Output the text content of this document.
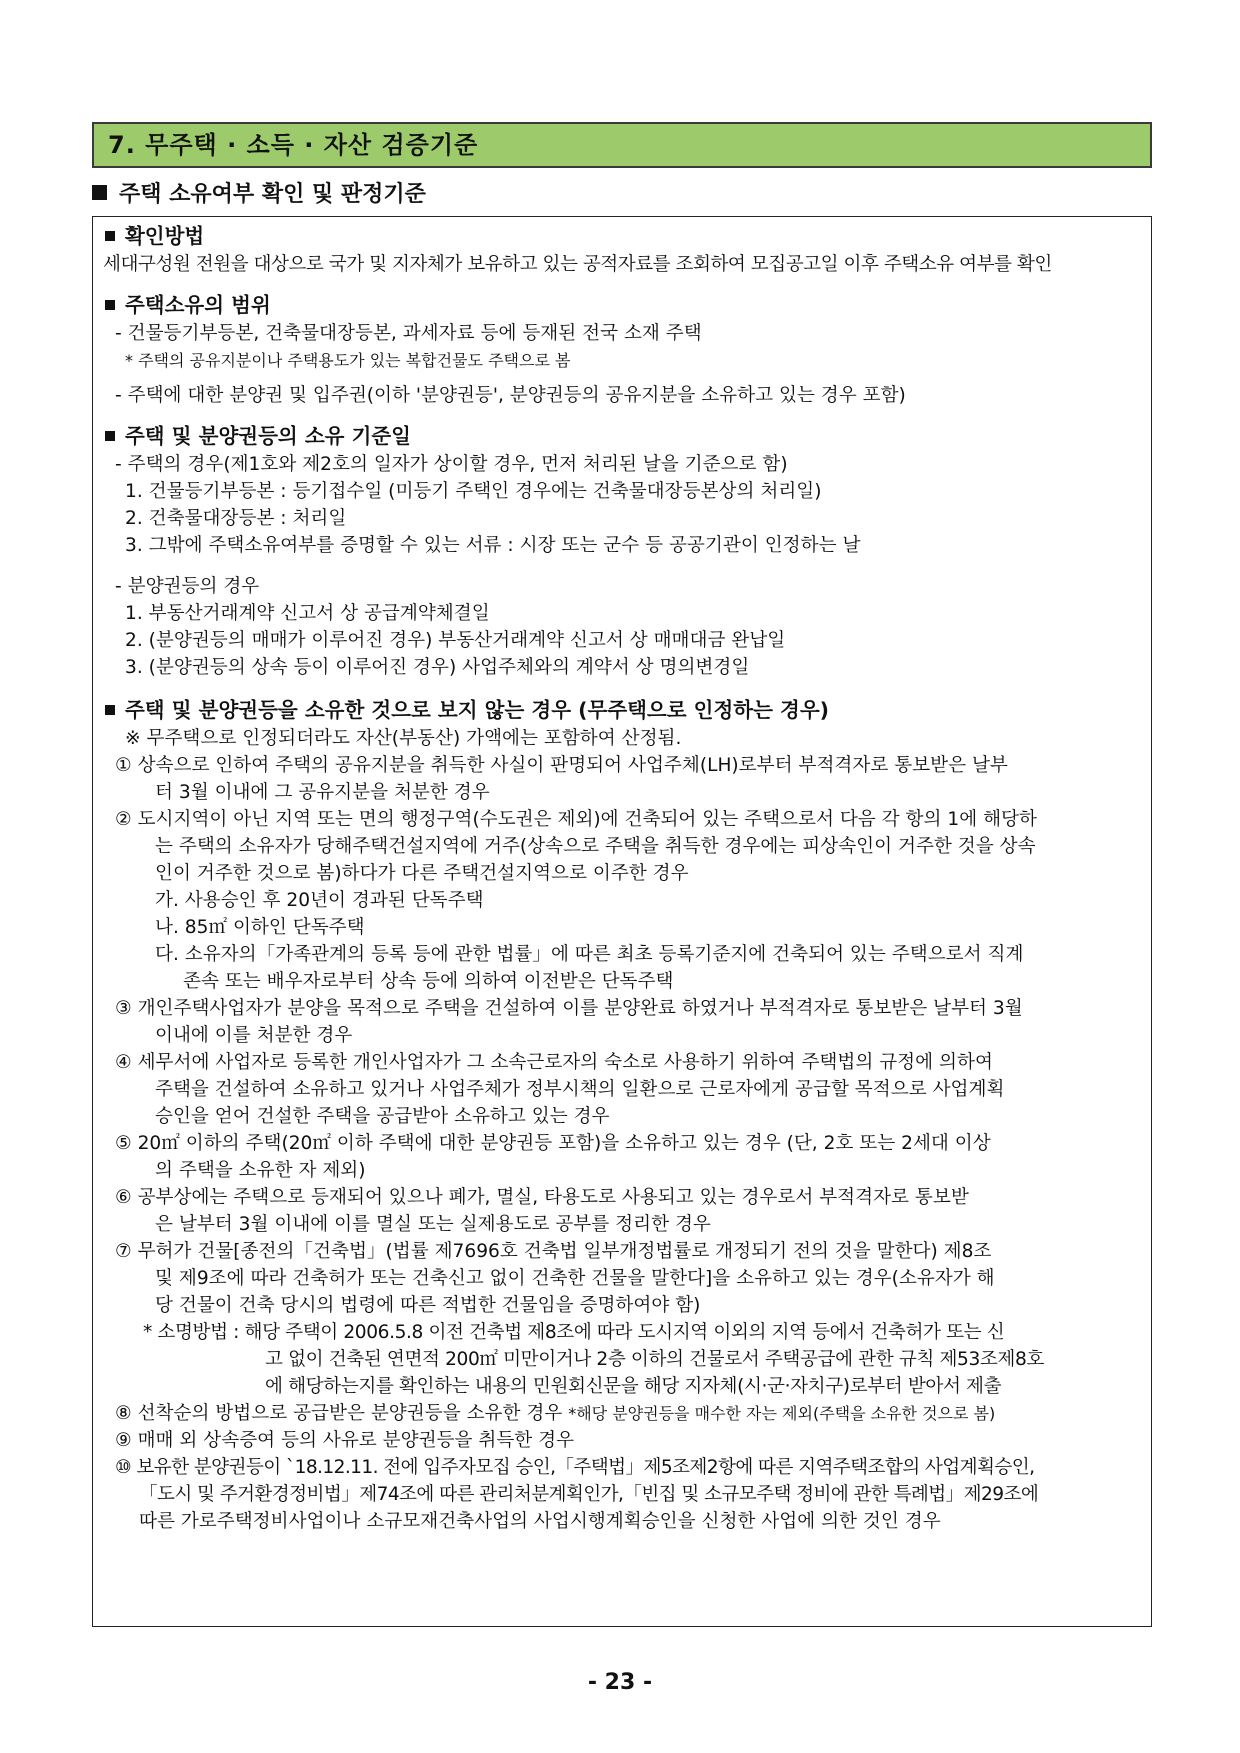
7. 무주택 · 소득 · 자산 검증기준
주택 소유여부 확인 및 판정기준
확인방법
세대구성원 전원을 대상으로 국가 및 지자체가 보유하고 있는 공적자료를 조회하여 모집공고일 이후 주택소유 여부를 확인
주택소유의 범위
- 건물등기부등본, 건축물대장등본, 과세자료 등에 등재된 전국 소재 주택
* 주택의 공유지분이나 주택용도가 있는 복합건물도 주택으로 봄
- 주택에 대한 분양권 및 입주권(이하 '분양권등', 분양권등의 공유지분을 소유하고 있는 경우 포함)
주택 및 분양권등의 소유 기준일
- 주택의 경우(제1호와 제2호의 일자가 상이할 경우, 먼저 처리된 날을 기준으로 함)
1. 건물등기부등본 : 등기접수일 (미등기 주택인 경우에는 건축물대장등본상의 처리일)
2. 건축물대장등본 : 처리일
3. 그밖에 주택소유여부를 증명할 수 있는 서류 : 시장 또는 군수 등 공공기관이 인정하는 날
- 분양권등의 경우
1. 부동산거래계약 신고서 상 공급계약체결일
2. (분양권등의 매매가 이루어진 경우) 부동산거래계약 신고서 상 매매대금 완납일
3. (분양권등의 상속 등이 이루어진 경우) 사업주체와의 계약서 상 명의변경일
주택 및 분양권등을 소유한 것으로 보지 않는 경우 (무주택으로 인정하는 경우)
※ 무주택으로 인정되더라도 자산(부동산) 가액에는 포함하여 산정됨.
① 상속으로 인하여 주택의 공유지분을 취득한 사실이 판명되어 사업주체(LH)로부터 부적격자로 통보받은 날부
터 3월 이내에 그 공유지분을 처분한 경우
② 도시지역이 아닌 지역 또는 면의 행정구역(수도권은 제외)에 건축되어 있는 주택으로서 다음 각 항의 1에 해당하
는 주택의 소유자가 당해주택건설지역에 거주(상속으로 주택을 취득한 경우에는 피상속인이 거주한 것을 상속
인이 거주한 것으로 봄)하다가 다른 주택건설지역으로 이주한 경우
가. 사용승인 후 20년이 경과된 단독주택
나. 85㎡ 이하인 단독주택
다. 소유자의「가족관계의 등록 등에 관한 법률」에 따른 최초 등록기준지에 건축되어 있는 주택으로서 직계
존속 또는 배우자로부터 상속 등에 의하여 이전받은 단독주택
③ 개인주택사업자가 분양을 목적으로 주택을 건설하여 이를 분양완료 하였거나 부적격자로 통보받은 날부터 3월
이내에 이를 처분한 경우
④ 세무서에 사업자로 등록한 개인사업자가 그 소속근로자의 숙소로 사용하기 위하여 주택법의 규정에 의하여
주택을 건설하여 소유하고 있거나 사업주체가 정부시책의 일환으로 근로자에게 공급할 목적으로 사업계획
승인을 얻어 건설한 주택을 공급받아 소유하고 있는 경우
⑤ 20㎡ 이하의 주택(20㎡ 이하 주택에 대한 분양권등 포함)을 소유하고 있는 경우 (단, 2호 또는 2세대 이상
의 주택을 소유한 자 제외)
⑥ 공부상에는 주택으로 등재되어 있으나 폐가, 멸실, 타용도로 사용되고 있는 경우로서 부적격자로 통보받
은 날부터 3월 이내에 이를 멸실 또는 실제용도로 공부를 정리한 경우
⑦ 무허가 건물[종전의「건축법」(법률 제7696호 건축법 일부개정법률로 개정되기 전의 것을 말한다) 제8조
및 제9조에 따라 건축허가 또는 건축신고 없이 건축한 건물을 말한다]을 소유하고 있는 경우(소유자가 해
당 건물이 건축 당시의 법령에 따른 적법한 건물임을 증명하여야 함)
* 소명방법 : 해당 주택이 2006.5.8 이전 건축법 제8조에 따라 도시지역 이외의 지역 등에서 건축허가 또는 신
고 없이 건축된 연면적 200㎡ 미만이거나 2층 이하의 건물로서 주택공급에 관한 규칙 제53조제8호
에 해당하는지를 확인하는 내용의 민원회신문을 해당 지자체(시·군·자치구)로부터 받아서 제출
⑧ 선착순의 방법으로 공급받은 분양권등을 소유한 경우 *해당 분양권등을 매수한 자는 제외(주택을 소유한 것으로 봄)
⑨ 매매 외 상속증여 등의 사유로 분양권등을 취득한 경우
⑩ 보유한 분양권등이 `18.12.11. 전에 입주자모집 승인,「주택법」제5조제2항에 따른 지역주택조합의 사업계획승인,
「도시 및 주거환경정비법」제74조에 따른 관리처분계획인가,「빈집 및 소규모주택 정비에 관한 특례법」제29조에
따른 가로주택정비사업이나 소규모재건축사업의 사업시행계획승인을 신청한 사업에 의한 것인 경우
- 23 -
